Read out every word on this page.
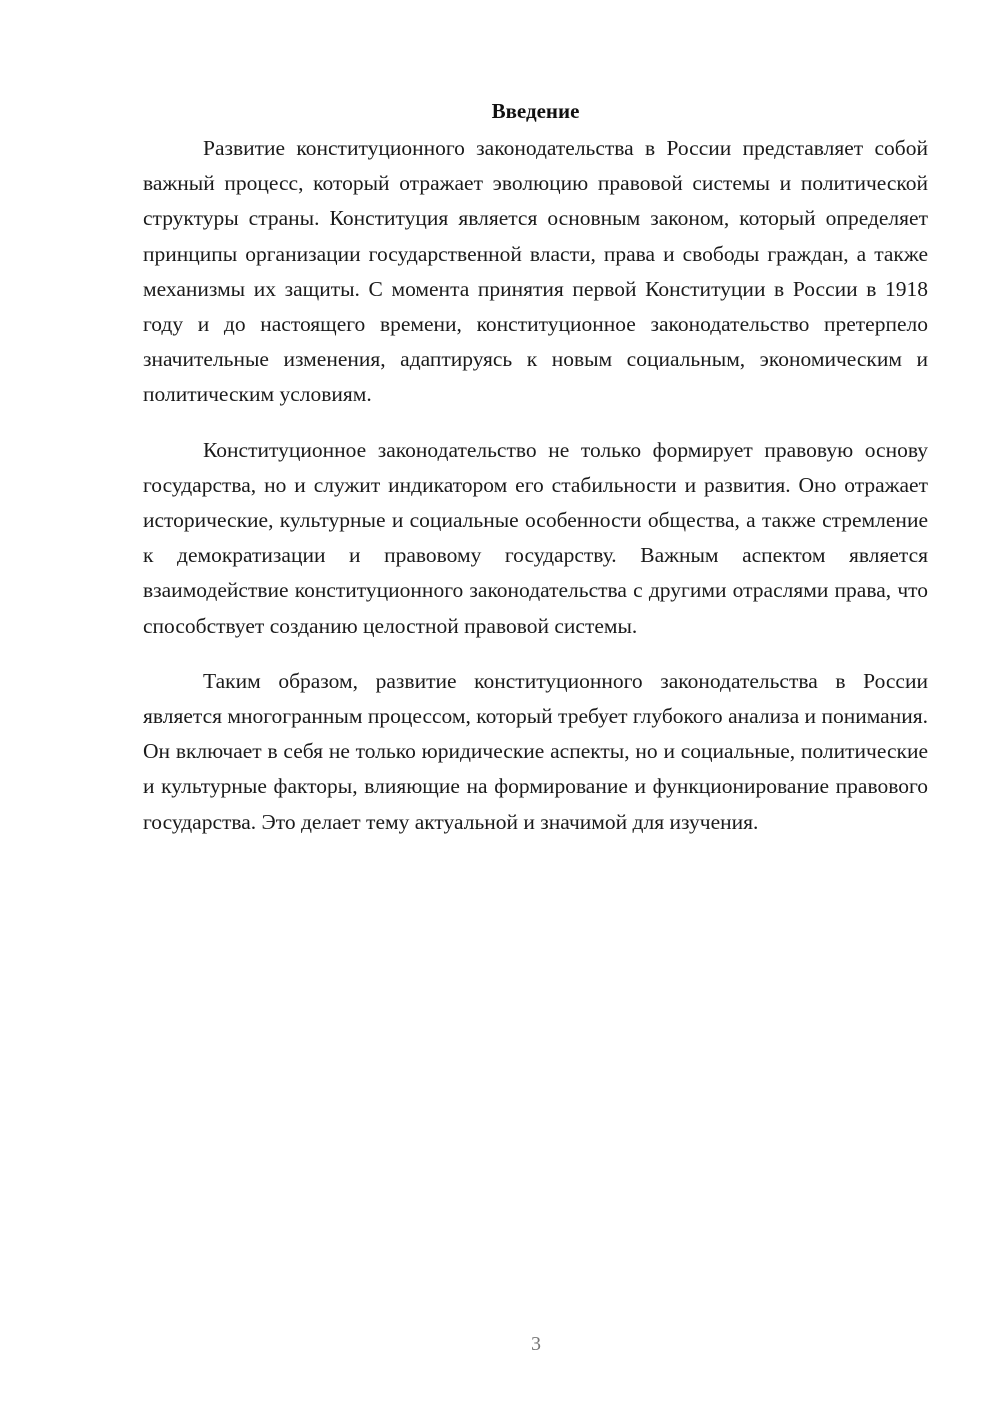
Введение

Развитие конституционного законодательства в России представляет собой важный процесс, который отражает эволюцию правовой системы и политической структуры страны. Конституция является основным законом, который определяет принципы организации государственной власти, права и свободы граждан, а также механизмы их защиты. С момента принятия первой Конституции в России в 1918 году и до настоящего времени, конституционное законодательство претерпело значительные изменения, адаптируясь к новым социальным, экономическим и политическим условиям.

Конституционное законодательство не только формирует правовую основу государства, но и служит индикатором его стабильности и развития. Оно отражает исторические, культурные и социальные особенности общества, а также стремление к демократизации и правовому государству. Важным аспектом является взаимодействие конституционного законодательства с другими отраслями права, что способствует созданию целостной правовой системы.

Таким образом, развитие конституционного законодательства в России является многогранным процессом, который требует глубокого анализа и понимания. Он включает в себя не только юридические аспекты, но и социальные, политические и культурные факторы, влияющие на формирование и функционирование правового государства. Это делает тему актуальной и значимой для изучения.

3
